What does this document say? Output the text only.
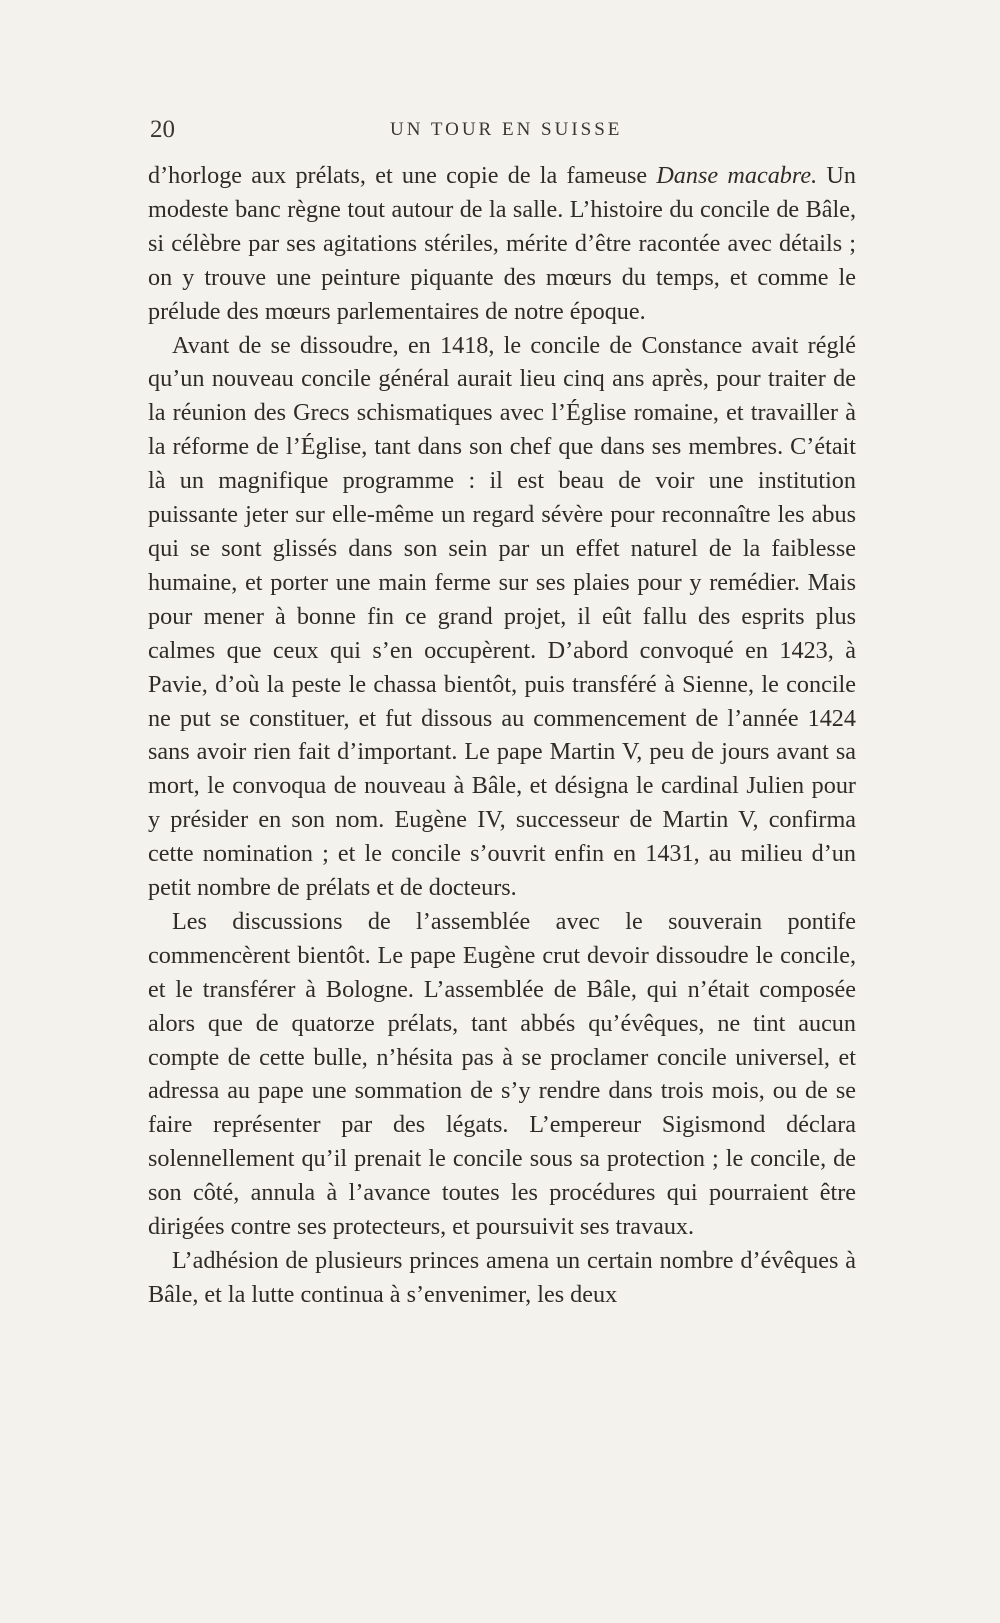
20	UN TOUR EN SUISSE

d’horloge aux prélats, et une copie de la fameuse Danse macabre. Un modeste banc règne tout autour de la salle. L’histoire du concile de Bâle, si célèbre par ses agitations stériles, mérite d’être racontée avec détails ; on y trouve une peinture piquante des mœurs du temps, et comme le prélude des mœurs parlementaires de notre époque.

Avant de se dissoudre, en 1418, le concile de Constance avait réglé qu’un nouveau concile général aurait lieu cinq ans après, pour traiter de la réunion des Grecs schismatiques avec l’Église romaine, et travailler à la réforme de l’Église, tant dans son chef que dans ses membres. C’était là un magnifique programme : il est beau de voir une institution puissante jeter sur elle-même un regard sévère pour reconnaître les abus qui se sont glissés dans son sein par un effet naturel de la faiblesse humaine, et porter une main ferme sur ses plaies pour y remédier. Mais pour mener à bonne fin ce grand projet, il eût fallu des esprits plus calmes que ceux qui s’en occupèrent. D’abord convoqué en 1423, à Pavie, d’où la peste le chassa bientôt, puis transféré à Sienne, le concile ne put se constituer, et fut dissous au commencement de l’année 1424 sans avoir rien fait d’important. Le pape Martin V, peu de jours avant sa mort, le convoqua de nouveau à Bâle, et désigna le cardinal Julien pour y présider en son nom. Eugène IV, successeur de Martin V, confirma cette nomination ; et le concile s’ouvrit enfin en 1431, au milieu d’un petit nombre de prélats et de docteurs.

Les discussions de l’assemblée avec le souverain pontife commencèrent bientôt. Le pape Eugène crut devoir dissoudre le concile, et le transférer à Bologne. L’assemblée de Bâle, qui n’était composée alors que de quatorze prélats, tant abbés qu’évêques, ne tint aucun compte de cette bulle, n’hésita pas à se proclamer concile universel, et adressa au pape une sommation de s’y rendre dans trois mois, ou de se faire représenter par des légats. L’empereur Sigismond déclara solennellement qu’il prenait le concile sous sa protection ; le concile, de son côté, annula à l’avance toutes les procédures qui pourraient être dirigées contre ses protecteurs, et poursuivit ses travaux.

L’adhésion de plusieurs princes amena un certain nombre d’évêques à Bâle, et la lutte continua à s’envenimer, les deux
